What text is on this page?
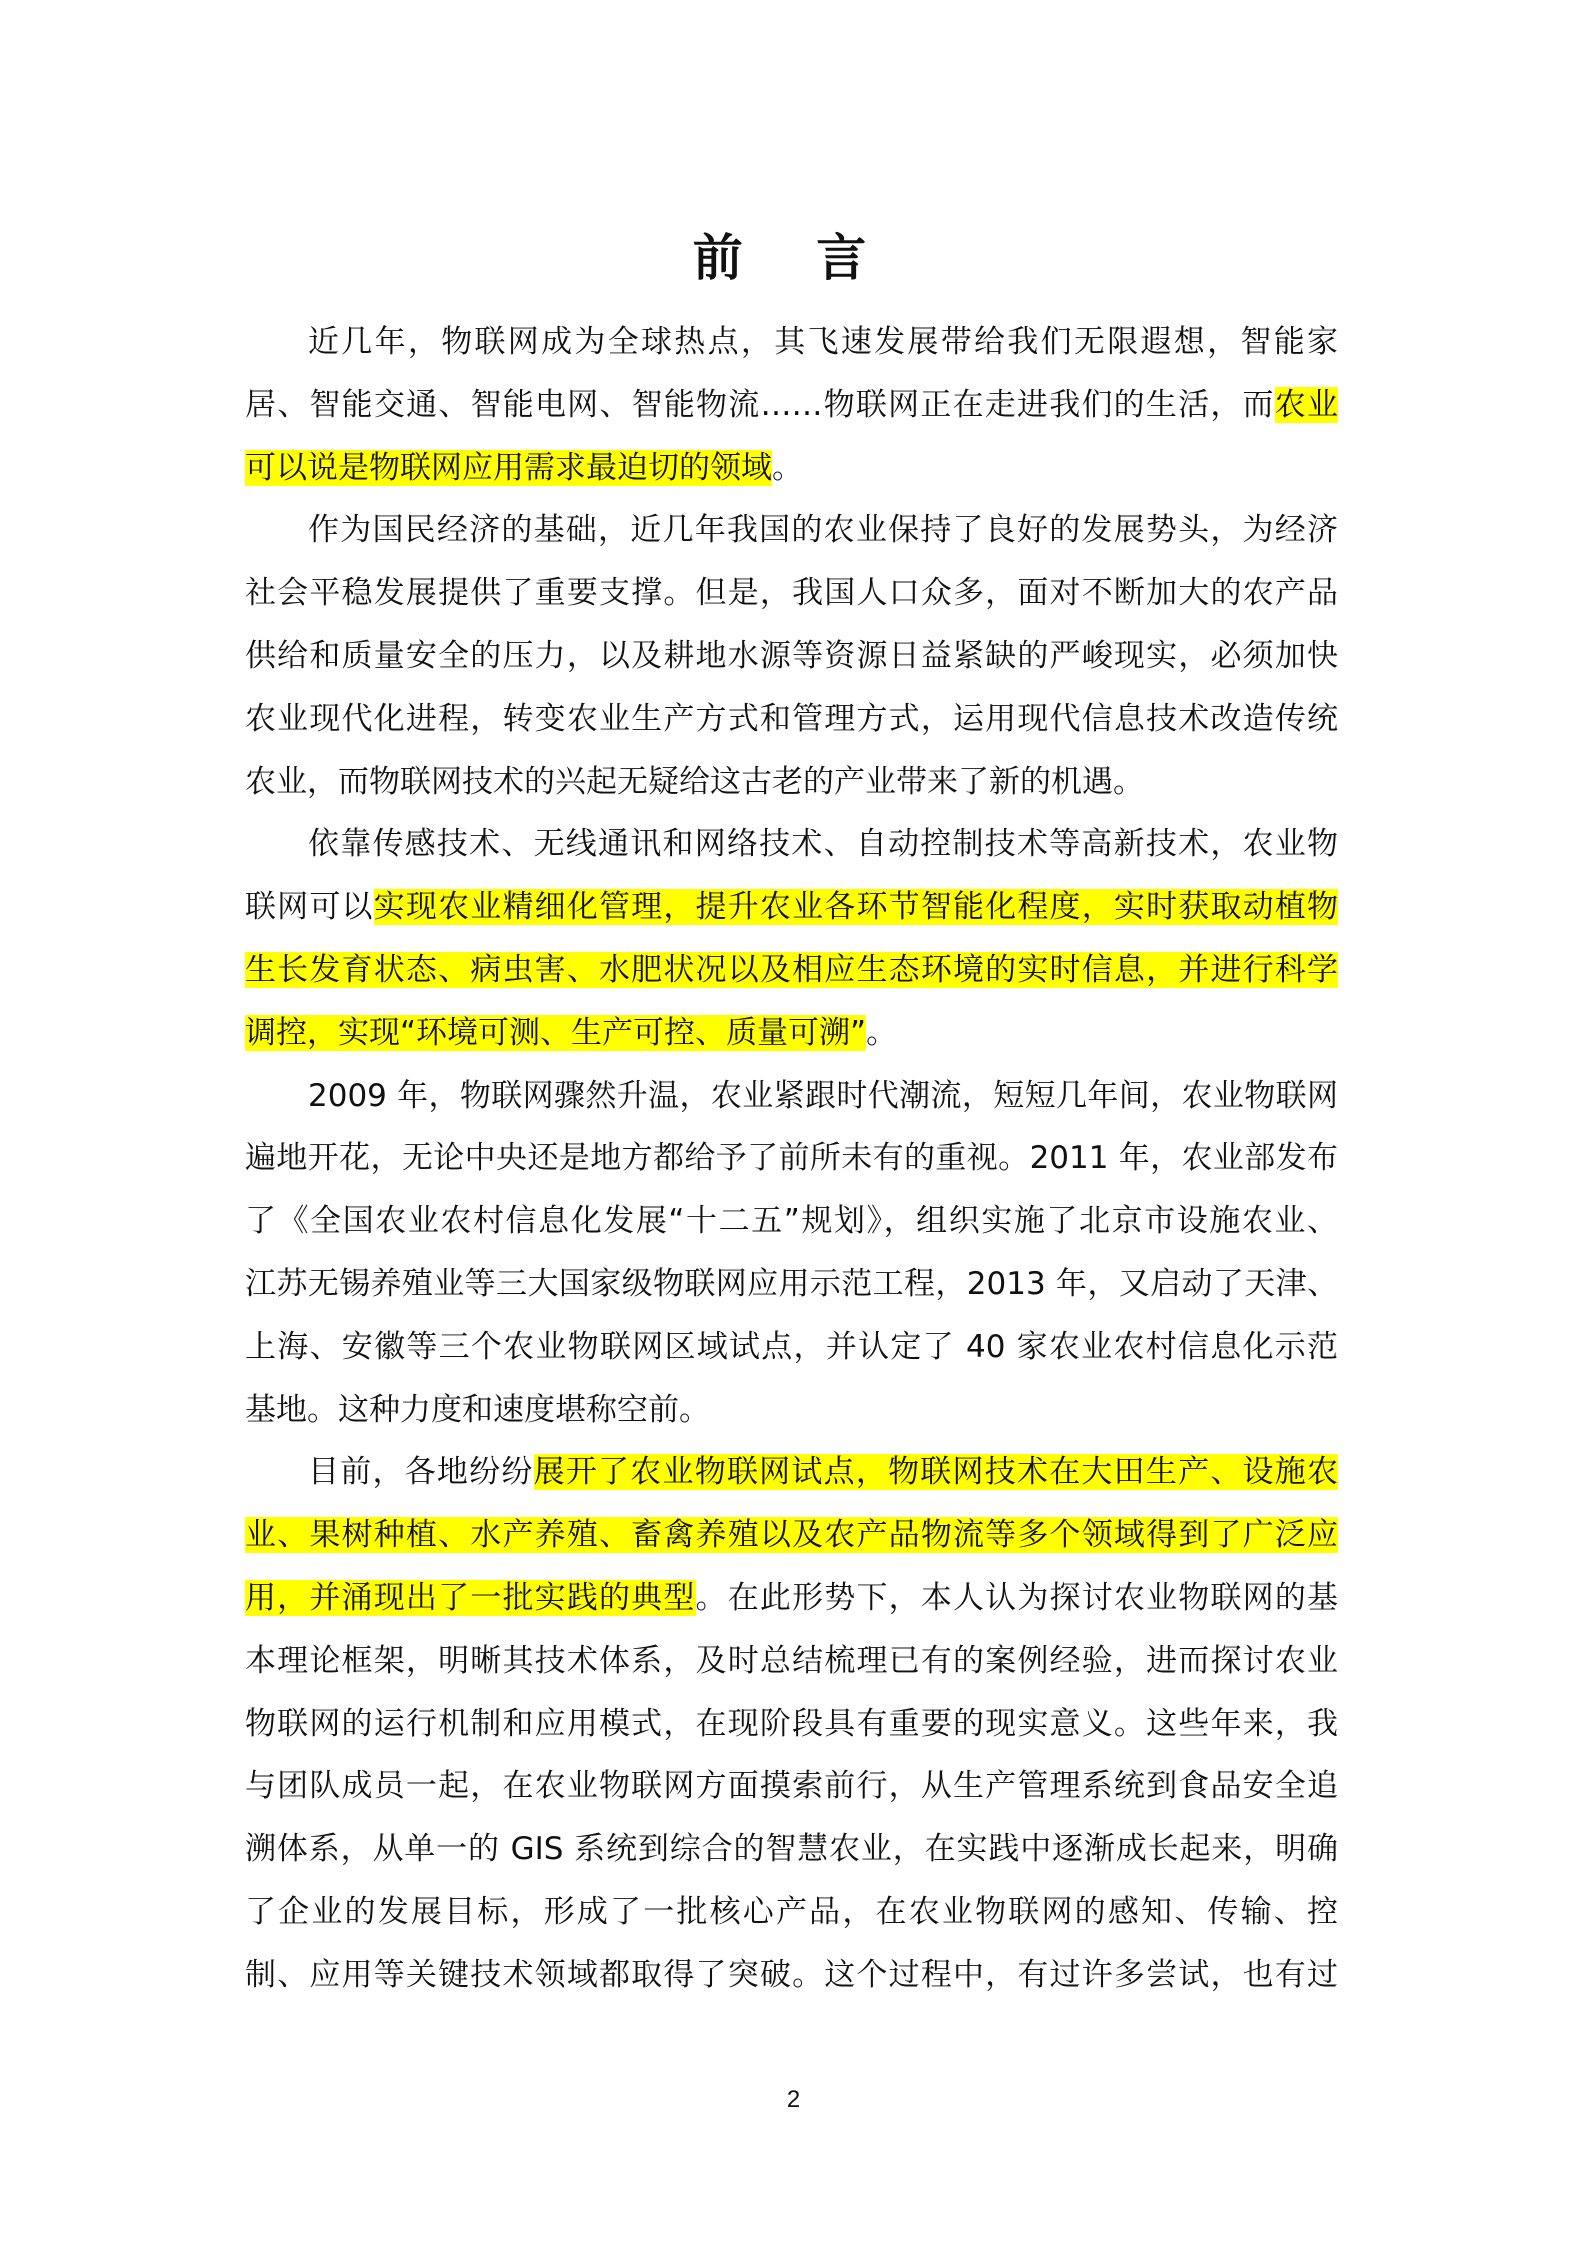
前 言
近几年，物联网成为全球热点，其飞速发展带给我们无限遐想，智能家
居、智能交通、智能电网、智能物流……物联网正在走进我们的生活，而农业
可以说是物联网应用需求最迫切的领域。
作为国民经济的基础，近几年我国的农业保持了良好的发展势头，为经济
社会平稳发展提供了重要支撑。但是，我国人口众多，面对不断加大的农产品
供给和质量安全的压力，以及耕地水源等资源日益紧缺的严峻现实，必须加快
农业现代化进程，转变农业生产方式和管理方式，运用现代信息技术改造传统
农业，而物联网技术的兴起无疑给这古老的产业带来了新的机遇。
依靠传感技术、无线通讯和网络技术、自动控制技术等高新技术，农业物
联网可以实现农业精细化管理，提升农业各环节智能化程度，实时获取动植物
生长发育状态、病虫害、水肥状况以及相应生态环境的实时信息，并进行科学
调控，实现“环境可测、生产可控、质量可溯”。
2009 年，物联网骤然升温，农业紧跟时代潮流，短短几年间，农业物联网
遍地开花，无论中央还是地方都给予了前所未有的重视。2011 年，农业部发布
了《全国农业农村信息化发展“十二五”规划》，组织实施了北京市设施农业、
江苏无锡养殖业等三大国家级物联网应用示范工程，2013 年，又启动了天津、
上海、安徽等三个农业物联网区域试点，并认定了 40 家农业农村信息化示范
基地。这种力度和速度堪称空前。
目前，各地纷纷展开了农业物联网试点，物联网技术在大田生产、设施农
业、果树种植、水产养殖、畜禽养殖以及农产品物流等多个领域得到了广泛应
用，并涌现出了一批实践的典型。在此形势下，本人认为探讨农业物联网的基
本理论框架，明晰其技术体系，及时总结梳理已有的案例经验，进而探讨农业
物联网的运行机制和应用模式，在现阶段具有重要的现实意义。这些年来，我
与团队成员一起，在农业物联网方面摸索前行，从生产管理系统到食品安全追
溯体系，从单一的 GIS 系统到综合的智慧农业，在实践中逐渐成长起来，明确
了企业的发展目标，形成了一批核心产品，在农业物联网的感知、传输、控
制、应用等关键技术领域都取得了突破。这个过程中，有过许多尝试，也有过
2
